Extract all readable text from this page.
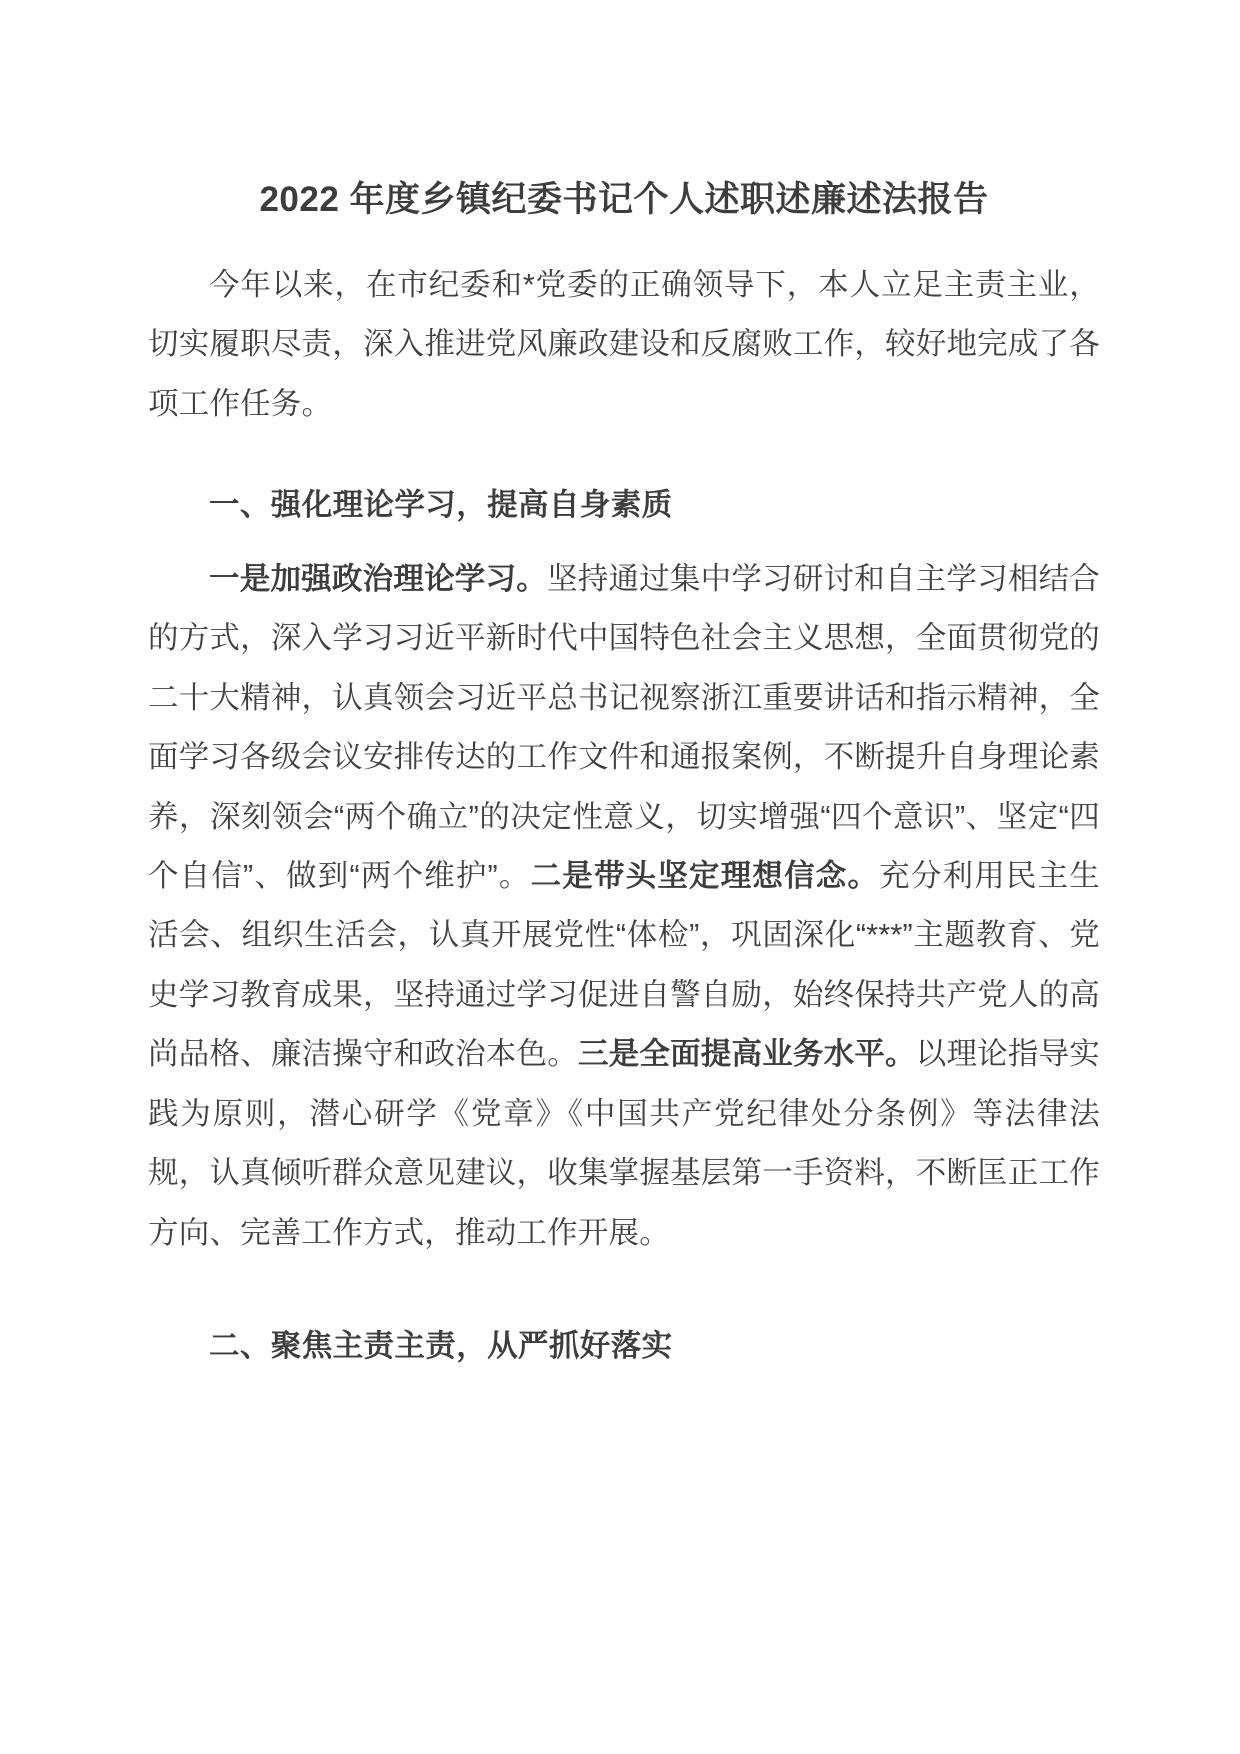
2022 年度乡镇纪委书记个人述职述廉述法报告

今年以来，在市纪委和*党委的正确领导下，本人立足主责主业，切实履职尽责，深入推进党风廉政建设和反腐败工作，较好地完成了各项工作任务。

一、强化理论学习，提高自身素质

一是加强政治理论学习。坚持通过集中学习研讨和自主学习相结合的方式，深入学习习近平新时代中国特色社会主义思想，全面贯彻党的二十大精神，认真领会习近平总书记视察浙江重要讲话和指示精神，全面学习各级会议安排传达的工作文件和通报案例，不断提升自身理论素养，深刻领会“两个确立”的决定性意义，切实增强“四个意识”、坚定“四个自信”、做到“两个维护”。二是带头坚定理想信念。充分利用民主生活会、组织生活会，认真开展党性“体检”，巩固深化“***”主题教育、党史学习教育成果，坚持通过学习促进自警自励，始终保持共产党人的高尚品格、廉洁操守和政治本色。三是全面提高业务水平。以理论指导实践为原则，潜心研学《党章》《中国共产党纪律处分条例》等法律法规，认真倾听群众意见建议，收集掌握基层第一手资料，不断匡正工作方向、完善工作方式，推动工作开展。

二、聚焦主责主责，从严抓好落实
